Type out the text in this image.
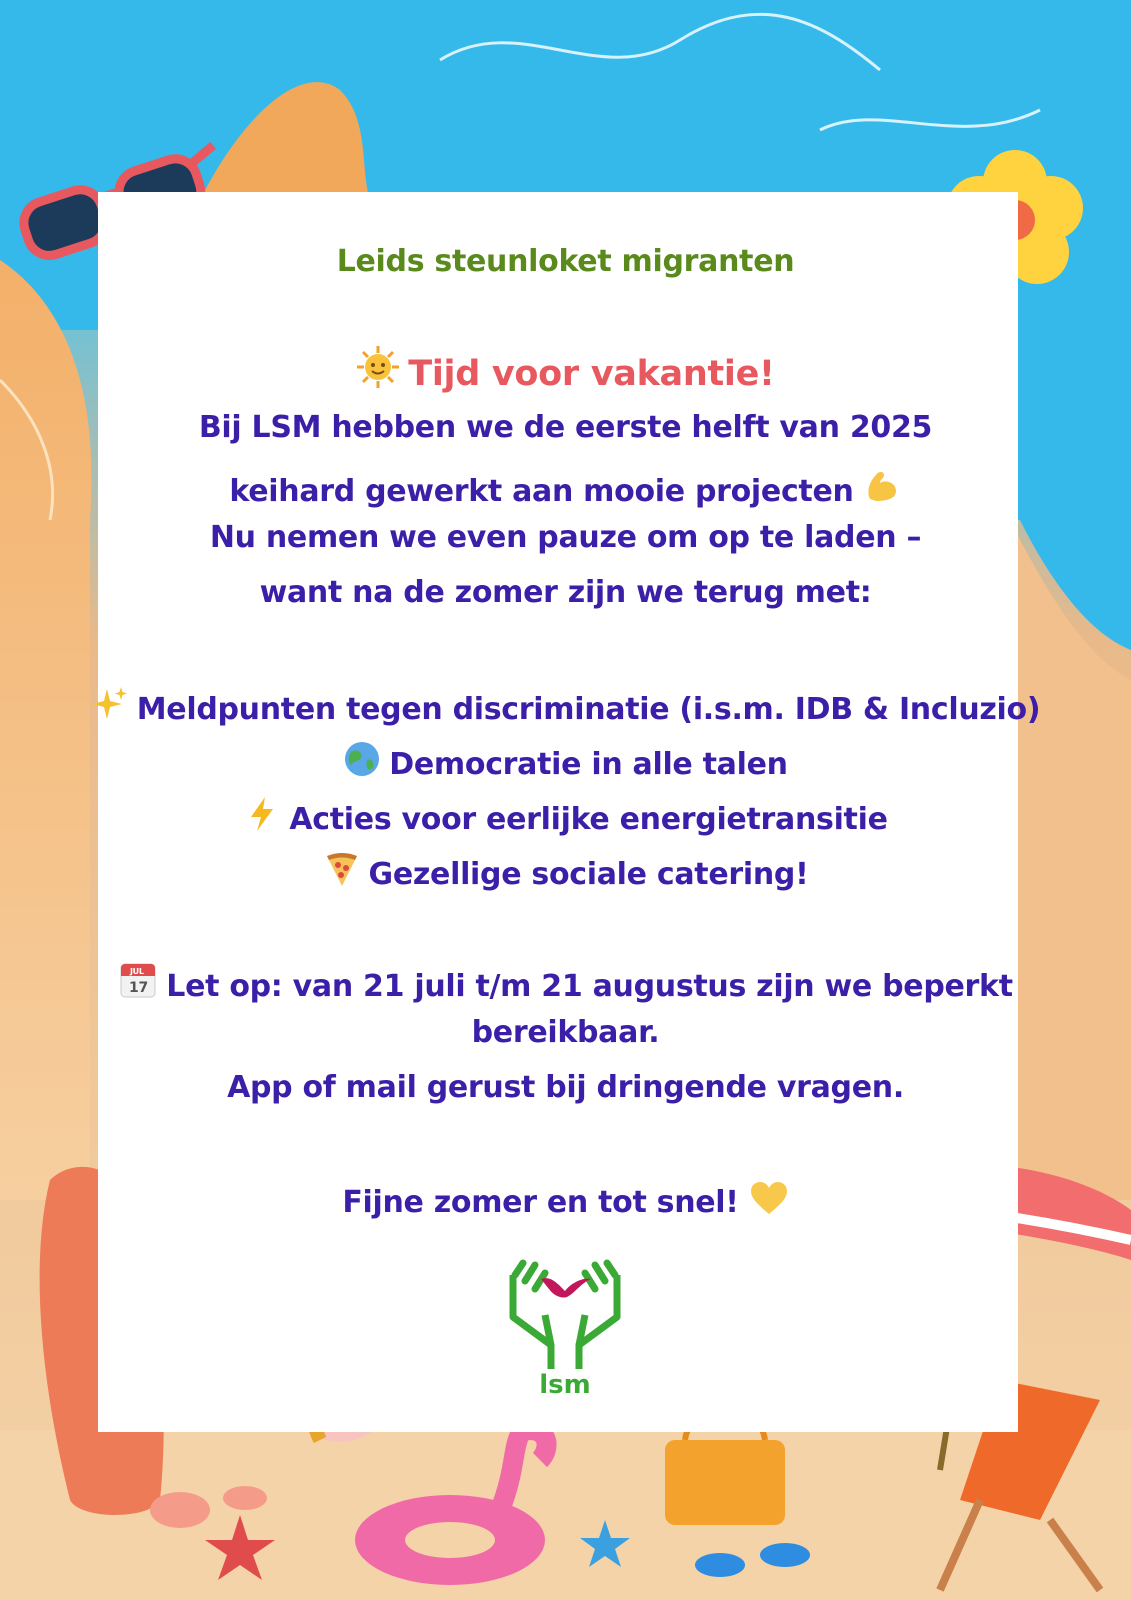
Leids steunloket migranten
Tijd voor vakantie!
Bij LSM hebben we de eerste helft van 2025
keihard gewerkt aan mooie projecten
Nu nemen we even pauze om op te laden –
want na de zomer zijn we terug met:
Meldpunten tegen discriminatie (i.s.m. IDB & Incluzio)
Democratie in alle talen
Acties voor eerlijke energietransitie
Gezellige sociale catering!
JUL
17 Let op: van 21 juli t/m 21 augustus zijn we beperkt
bereikbaar.
App of mail gerust bij dringende vragen.
Fijne zomer en tot snel!
lsm
